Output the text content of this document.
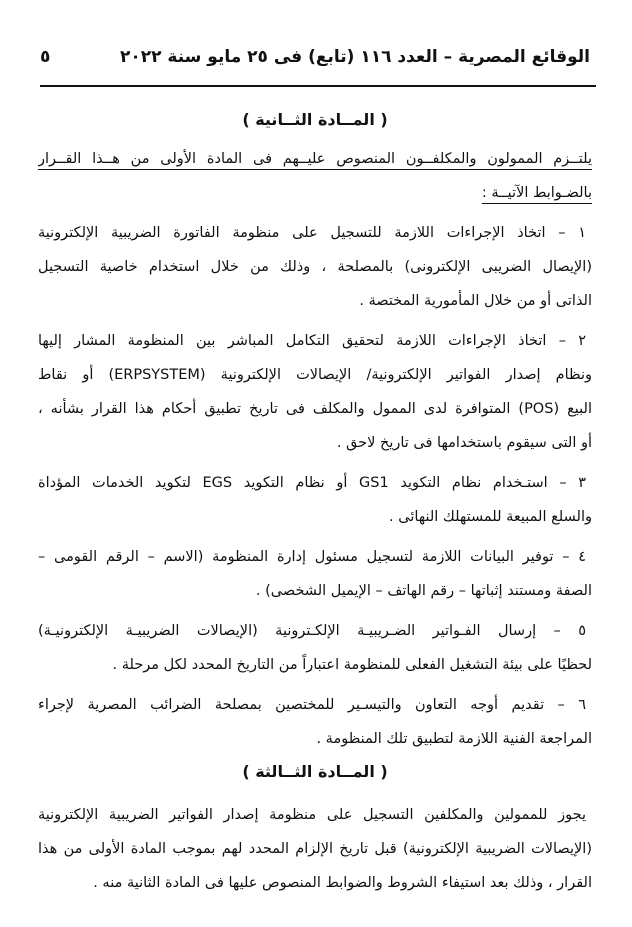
الوقائع المصرية – العدد ١١٦ (تابع) فى ٢٥ مايو سنة ٢٠٢٢
٥
( المــادة الثــانية )
يلتــزم الممولون والمكلفــون المنصوص عليــهم فى المادة الأولى من هــذا القــرار
بالضـوابط الآتيــة :
١ – اتخاذ الإجراءات اللازمة للتسجيل على منظومة الفاتورة الضريبية الإلكترونية
(الإيصال الضريبى الإلكترونى) بالمصلحة ، وذلك من خلال استخدام خاصية التسجيل
الذاتى أو من خلال المأمورية المختصة .
٢ – اتخاذ الإجراءات اللازمة لتحقيق التكامل المباشر بين المنظومة المشار إليها
ونظام إصدار الفواتير الإلكترونية/ الإيصالات الإلكترونية (ERPSYSTEM) أو نقاط
البيع (POS) المتوافرة لدى الممول والمكلف فى تاريخ تطبيق أحكام هذا القرار بشأنه ،
أو التى سيقوم باستخدامها فى تاريخ لاحق .
٣ – استـخدام نظام التكويد GS1 أو نظام التكويد EGS لتكويد الخدمات المؤداة
والسلع المبيعة للمستهلك النهائى .
٤ – توفير البيانات اللازمة لتسجيل مسئول إدارة المنظومة (الاسم – الرقم القومى –
الصفة ومستند إثباتها – رقم الهاتف – الإيميل الشخصى) .
٥ – إرسال الفـواتير الضـريبيـة الإلكـترونية (الإيصالات الضريبيـة الإلكترونيـة)
لحظيًا على بيئة التشغيل الفعلى للمنظومة اعتباراً من التاريخ المحدد لكل مرحلة .
٦ – تقديم أوجه التعاون والتيسـير للمختصين بمصلحة الضرائب المصرية لإجراء
المراجعة الفنية اللازمة لتطبيق تلك المنظومة .
( المــادة الثــالثة )
يجوز للممولين والمكلفين التسجيل على منظومة إصدار الفواتير الضريبية الإلكترونية
(الإيصالات الضريبية الإلكترونية) قبل تاريخ الإلزام المحدد لهم بموجب المادة الأولى من هذا
القرار ، وذلك بعد استيفاء الشروط والضوابط المنصوص عليها فى المادة الثانية منه .
